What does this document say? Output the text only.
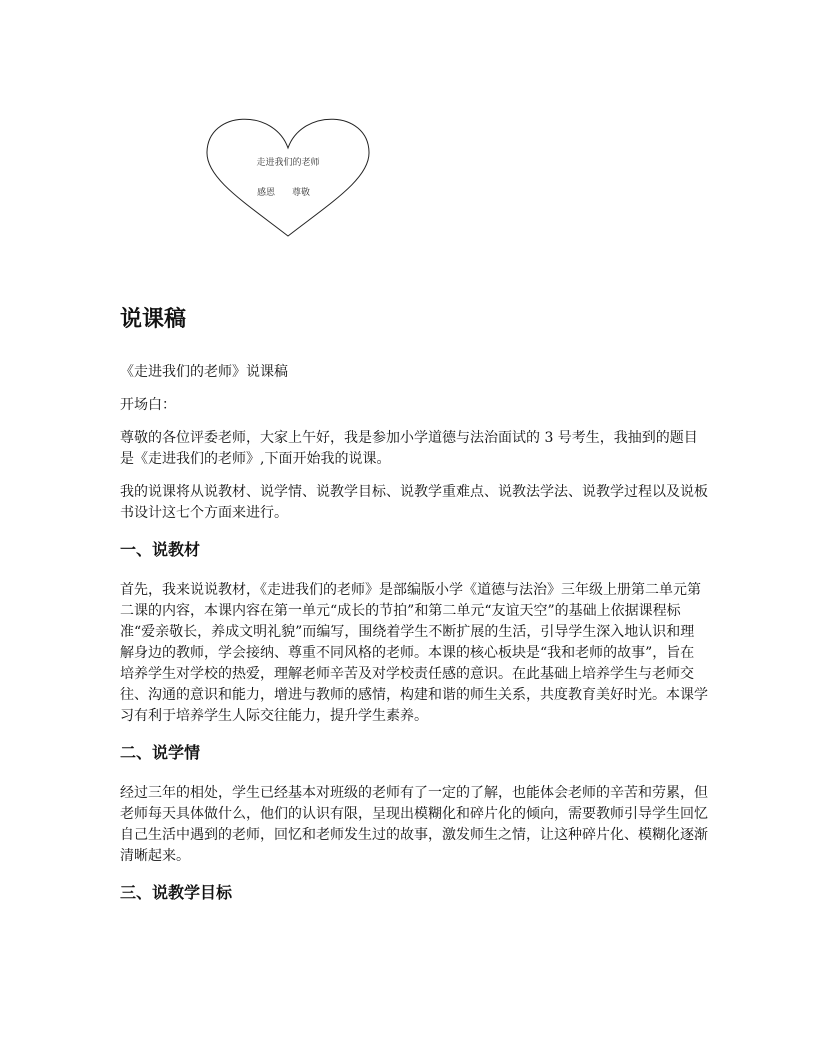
走进我们的老师
感恩 尊敬
说课稿

《走进我们的老师》说课稿

开场白：

尊敬的各位评委老师，大家上午好，我是参加小学道德与法治面试的 3 号考生，我抽到的题目是《走进我们的老师》,下面开始我的说课。

我的说课将从说教材、说学情、说教学目标、说教学重难点、说教法学法、说教学过程以及说板书设计这七个方面来进行。

一、说教材

首先，我来说说教材，《走进我们的老师》是部编版小学《道德与法治》三年级上册第二单元第二课的内容，本课内容在第一单元“成长的节拍”和第二单元“友谊天空”的基础上依据课程标准“爱亲敬长，养成文明礼貌”而编写，围绕着学生不断扩展的生活，引导学生深入地认识和理解身边的教师，学会接纳、尊重不同风格的老师。本课的核心板块是“我和老师的故事”，旨在培养学生对学校的热爱，理解老师辛苦及对学校责任感的意识。在此基础上培养学生与老师交往、沟通的意识和能力，增进与教师的感情，构建和谐的师生关系，共度教育美好时光。本课学习有利于培养学生人际交往能力，提升学生素养。

二、说学情

经过三年的相处，学生已经基本对班级的老师有了一定的了解，也能体会老师的辛苦和劳累，但老师每天具体做什么，他们的认识有限，呈现出模糊化和碎片化的倾向，需要教师引导学生回忆自己生活中遇到的老师，回忆和老师发生过的故事，激发师生之情，让这种碎片化、模糊化逐渐清晰起来。

三、说教学目标
